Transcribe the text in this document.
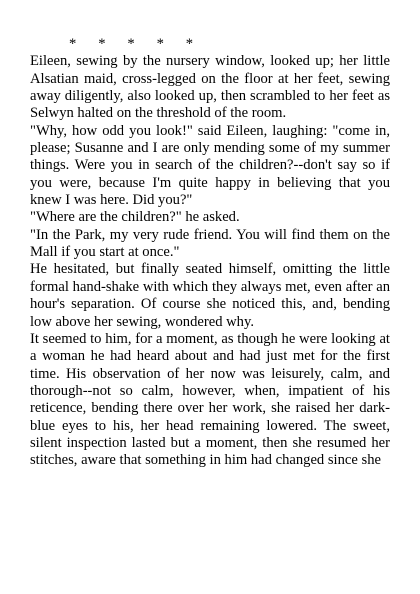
*      *      *      *      *

Eileen, sewing by the nursery window, looked up; her little Alsatian maid, cross-legged on the floor at her feet, sewing away diligently, also looked up, then scrambled to her feet as Selwyn halted on the threshold of the room.

"Why, how odd you look!" said Eileen, laughing: "come in, please; Susanne and I are only mending some of my summer things. Were you in search of the children?--don't say so if you were, because I'm quite happy in believing that you knew I was here. Did you?"

"Where are the children?" he asked.

"In the Park, my very rude friend. You will find them on the Mall if you start at once."

He hesitated, but finally seated himself, omitting the little formal hand-shake with which they always met, even after an hour's separation. Of course she noticed this, and, bending low above her sewing, wondered why.

It seemed to him, for a moment, as though he were looking at a woman he had heard about and had just met for the first time. His observation of her now was leisurely, calm, and thorough--not so calm, however, when, impatient of his reticence, bending there over her work, she raised her dark-blue eyes to his, her head remaining lowered. The sweet, silent inspection lasted but a moment, then she resumed her stitches, aware that something in him had changed since she
